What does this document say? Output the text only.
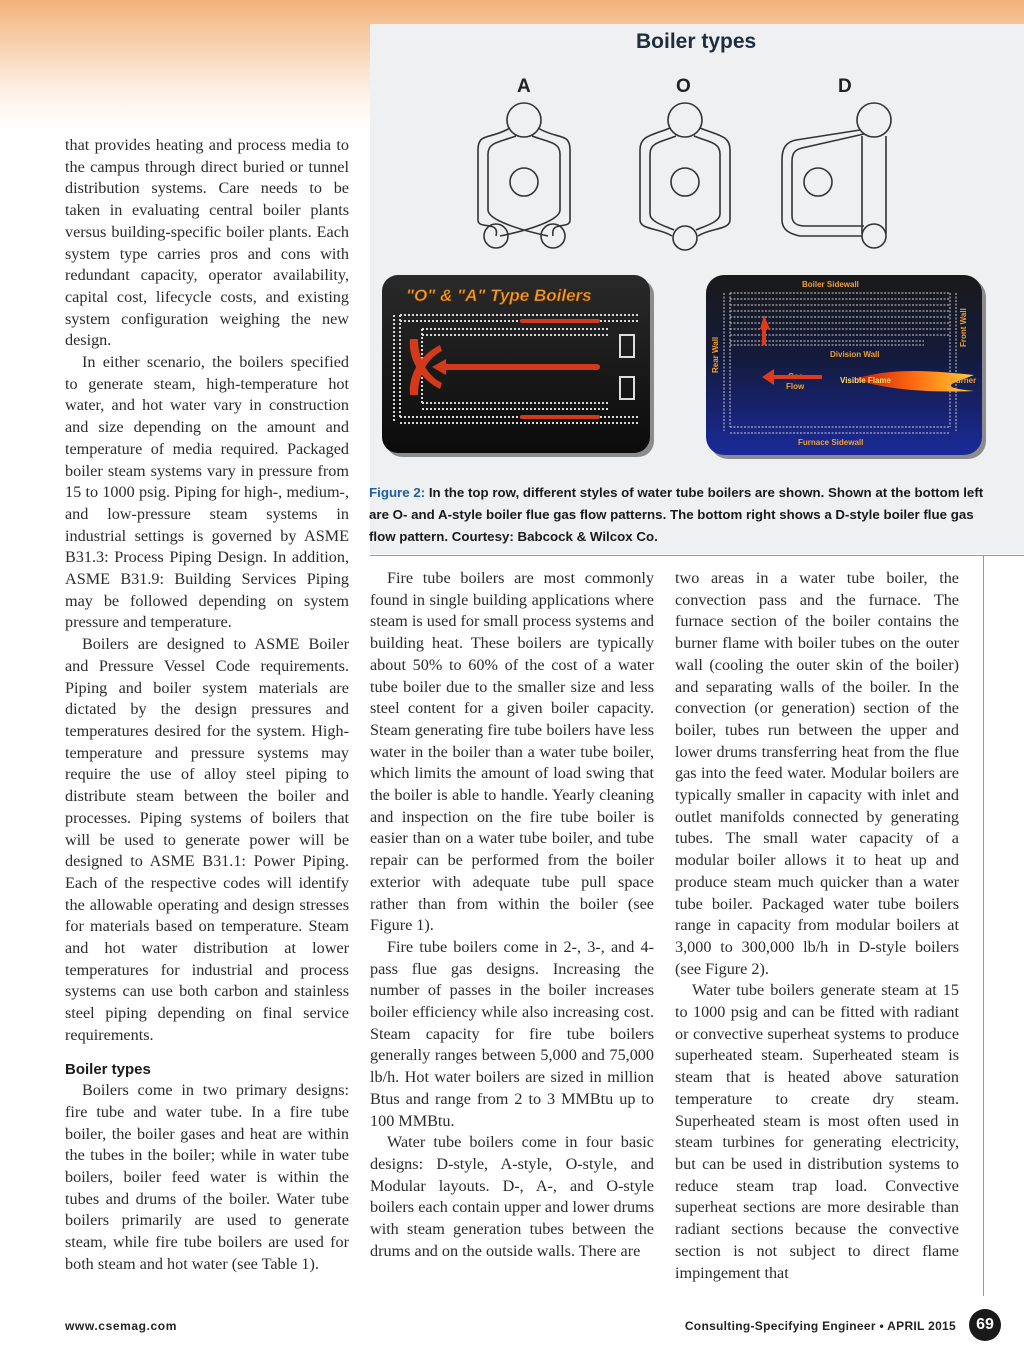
Boiler types
A	O	D
"O" & "A" Type Boilers
Boiler Sidewall
Division Wall
Rear Wall
Front Wall
Visible Flame	Burner
Flow
Furnace Sidewall
Figure 2: In the top row, different styles of water tube boilers are shown. Shown at the bottom left are O- and A-style boiler flue gas flow patterns. The bottom right shows a D-style boiler flue gas flow pattern. Courtesy: Babcock & Wilcox Co.

that provides heating and process media to the campus through direct buried or tunnel distribution systems. Care needs to be taken in evaluating central boiler plants versus building-specific boiler plants. Each system type carries pros and cons with redundant capacity, operator availability, capital cost, lifecycle costs, and existing system configuration weighing the new design.

In either scenario, the boilers specified to generate steam, high-temperature hot water, and hot water vary in construction and size depending on the amount and temperature of media required. Packaged boiler steam systems vary in pressure from 15 to 1000 psig. Piping for high-, medium-, and low-pressure steam systems in industrial settings is governed by ASME B31.3: Process Piping Design. In addition, ASME B31.9: Building Services Piping may be followed depending on system pressure and temperature.

Boilers are designed to ASME Boiler and Pressure Vessel Code requirements. Piping and boiler system materials are dictated by the design pressures and temperatures desired for the system. High-temperature and pressure systems may require the use of alloy steel piping to distribute steam between the boiler and processes. Piping systems of boilers that will be used to generate power will be designed to ASME B31.1: Power Piping. Each of the respective codes will identify the allowable operating and design stresses for materials based on temperature. Steam and hot water distribution at lower temperatures for industrial and process systems can use both carbon and stainless steel piping depending on final service requirements.

Boiler types

Boilers come in two primary designs: fire tube and water tube. In a fire tube boiler, the boiler gases and heat are within the tubes in the boiler; while in water tube boilers, boiler feed water is within the tubes and drums of the boiler. Water tube boilers primarily are used to generate steam, while fire tube boilers are used for both steam and hot water (see Table 1).

Fire tube boilers are most commonly found in single building applications where steam is used for small process systems and building heat. These boilers are typically about 50% to 60% of the cost of a water tube boiler due to the smaller size and less steel content for a given boiler capacity. Steam generating fire tube boilers have less water in the boiler than a water tube boiler, which limits the amount of load swing that the boiler is able to handle. Yearly cleaning and inspection on the fire tube boiler is easier than on a water tube boiler, and tube repair can be performed from the boiler exterior with adequate tube pull space rather than from within the boiler (see Figure 1).

Fire tube boilers come in 2-, 3-, and 4-pass flue gas designs. Increasing the number of passes in the boiler increases boiler efficiency while also increasing cost. Steam capacity for fire tube boilers generally ranges between 5,000 and 75,000 lb/h. Hot water boilers are sized in million Btus and range from 2 to 3 MMBtu up to 100 MMBtu.

Water tube boilers come in four basic designs: D-style, A-style, O-style, and Modular layouts. D-, A-, and O-style boilers each contain upper and lower drums with steam generation tubes between the drums and on the outside walls. There are

two areas in a water tube boiler, the convection pass and the furnace. The furnace section of the boiler contains the burner flame with boiler tubes on the outer wall (cooling the outer skin of the boiler) and separating walls of the boiler. In the convection (or generation) section of the boiler, tubes run between the upper and lower drums transferring heat from the flue gas into the feed water. Modular boilers are typically smaller in capacity with inlet and outlet manifolds connected by generating tubes. The small water capacity of a modular boiler allows it to heat up and produce steam much quicker than a water tube boiler. Packaged water tube boilers range in capacity from modular boilers at 3,000 to 300,000 lb/h in D-style boilers (see Figure 2).

Water tube boilers generate steam at 15 to 1000 psig and can be fitted with radiant or convective superheat systems to produce superheated steam. Superheated steam is steam that is heated above saturation temperature to create dry steam. Superheated steam is most often used in steam turbines for generating electricity, but can be used in distribution systems to reduce steam trap load. Convective superheat sections are more desirable than radiant sections because the convective section is not subject to direct flame impingement that

www.csemag.com	Consulting-Specifying Engineer • APRIL 2015	69
